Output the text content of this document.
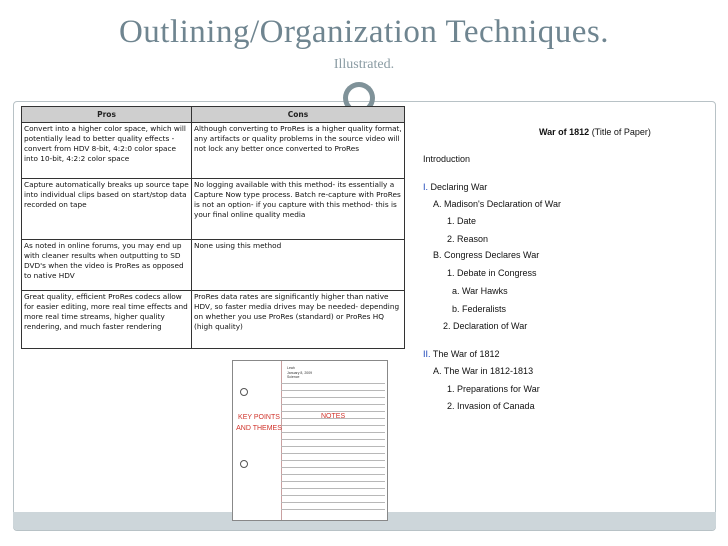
Outlining/Organization Techniques.
Illustrated.
Pros	Cons
Convert into a higher color space, which will potentially lead to better quality effects - convert from HDV 8-bit, 4:2:0 color space into 10-bit, 4:2:2 color space	Although converting to ProRes is a higher quality format, any artifacts or quality problems in the source video will not lock any better once converted to ProRes
Capture automatically breaks up source tape into individual clips based on start/stop data recorded on tape	No logging available with this method- its essentially a Capture Now type process. Batch re-capture with ProRes is not an option- if you capture with this method- this is your final online quality media
As noted in online forums, you may end up with cleaner results when outputting to SD DVD's when the video is ProRes as opposed to native HDV	None using this method
Great quality, efficient ProRes codecs allow for easier editing, more real time effects and more real time streams, higher quality rendering, and much faster rendering	ProRes data rates are significantly higher than native HDV, so faster media drives may be needed- depending on whether you use ProRes (standard) or ProRes HQ (high quality)
Leah
January 8, 2009
Science
KEY POINTS AND THEMES
NOTES
War of 1812 (Title of Paper)
Introduction
I. Declaring War
A. Madison's Declaration of War
1. Date
2. Reason
B. Congress Declares War
1. Debate in Congress
a. War Hawks
b. Federalists
2. Declaration of War
II. The War of 1812
A. The War in 1812-1813
1. Preparations for War
2. Invasion of Canada
